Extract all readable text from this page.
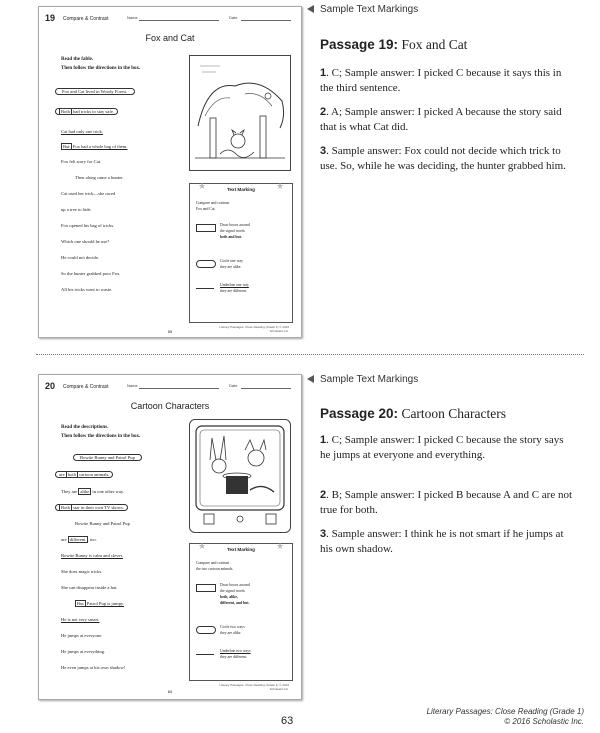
19 Compare & Contrast	Name	Date
Fox and Cat
Read the fable.
Then follow the directions in the box.
Fox and Cat lived in Woody Forest.
Both had tricks to stay safe.
Cat had only one trick.
But Fox had a whole bag of them.
Fox felt sorry for Cat.
Then along came a hunter.
Cat used her trick—she raced
up a tree to hide.
Fox opened his bag of tricks.
Which one should he use?
He could not decide.
So the hunter grabbed poor Fox.
All his tricks went to waste.
Text Marking
★	★
Compare and contrast
Fox and Cat.
Draw boxes around
the signal words
both and but.
Circle one way
they are alike.
Underline one way
they are different.
Literary Passages: Close Reading (Grade 1) © 2016 Scholastic Inc.
59
Sample Text Markings
Passage 19: Fox and Cat
1. C; Sample answer: I picked C because it says this in the third sentence.
2. A; Sample answer: I picked A because the story said that is what Cat did.
3. Sample answer: Fox could not decide which trick to use. So, while he was deciding, the hunter grabbed him.
20 Compare & Contrast	Name	Date
Cartoon Characters
Read the descriptions.
Then follow the directions in the box.
Bowtie Bunny and Patrol Pup
are both cartoon animals.
They are alike in one other way.
Both star in their own TV shows.
Bowtie Bunny and Patrol Pup
are different , too.
Bowtie Bunny is calm and clever.
She does magic tricks.
She can disappear inside a hat.
But Patrol Pup is jumpy.
He is not very smart.
He jumps at everyone.
He jumps at everything.
He even jumps at his own shadow!
Text Marking
★	★
Compare and contrast
the two cartoon animals.
Draw boxes around
the signal words
both, alike,
different, and but.
Circle two ways
they are alike.
Underline two ways
they are different.
Literary Passages: Close Reading (Grade 1) © 2016 Scholastic Inc.
60
Sample Text Markings
Passage 20: Cartoon Characters
1. C; Sample answer: I picked C because the story says he jumps at everyone and everything.
2. B; Sample answer: I picked B because A and C are not true for both.
3. Sample answer: I think he is not smart if he jumps at his own shadow.
63
Literary Passages: Close Reading (Grade 1)
© 2016 Scholastic Inc.
